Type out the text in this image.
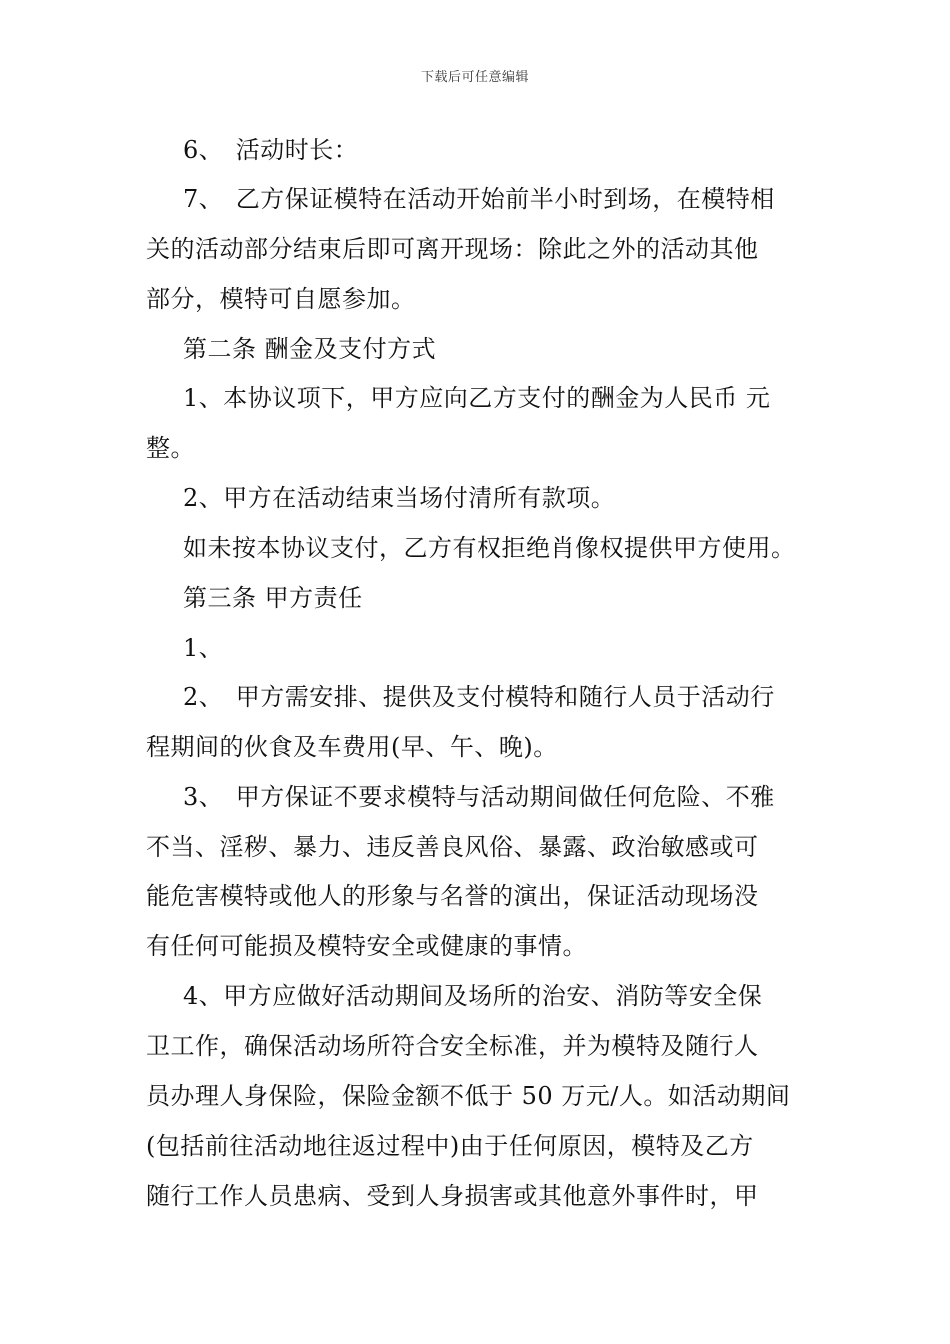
下载后可任意编辑
6、　活动时长：
7、　乙方保证模特在活动开始前半小时到场，在模特相
关的活动部分结束后即可离开现场：除此之外的活动其他
部分，模特可自愿参加。
第二条 酬金及支付方式
1、本协议项下，甲方应向乙方支付的酬金为人民币 元
整。
2、甲方在活动结束当场付清所有款项。
如未按本协议支付，乙方有权拒绝肖像权提供甲方使用。
第三条 甲方责任
1、
2、　甲方需安排、提供及支付模特和随行人员于活动行
程期间的伙食及车费用(早、午、晚)。
3、　甲方保证不要求模特与活动期间做任何危险、不雅
不当、淫秽、暴力、违反善良风俗、暴露、政治敏感或可
能危害模特或他人的形象与名誉的演出，保证活动现场没
有任何可能损及模特安全或健康的事情。
4、甲方应做好活动期间及场所的治安、消防等安全保
卫工作，确保活动场所符合安全标准，并为模特及随行人
员办理人身保险，保险金额不低于 50 万元/人。如活动期间
(包括前往活动地往返过程中)由于任何原因，模特及乙方
随行工作人员患病、受到人身损害或其他意外事件时，甲
